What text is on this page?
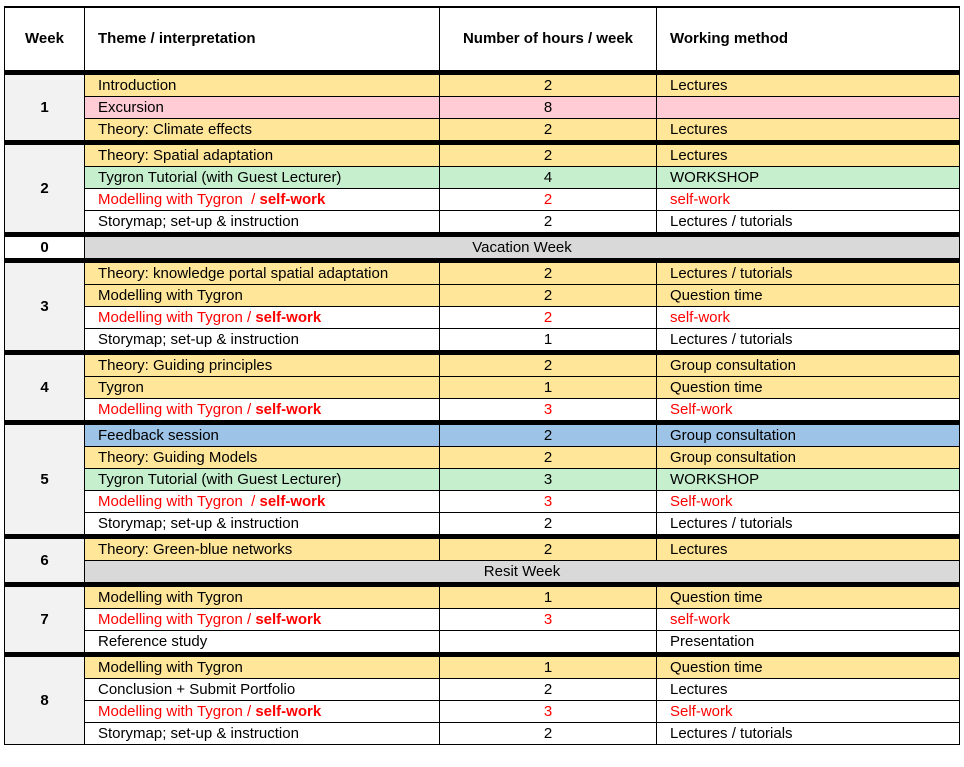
Week	Theme / interpretation	Number of hours / week	Working method
1	Introduction	2	Lectures
	Excursion	8	
	Theory: Climate effects	2	Lectures
2	Theory: Spatial adaptation	2	Lectures
	Tygron Tutorial (with Guest Lecturer)	4	WORKSHOP
	Modelling with Tygron  / self-work	2	self-work
	Storymap; set-up & instruction	2	Lectures / tutorials
0	Vacation Week		
3	Theory: knowledge portal spatial adaptation	2	Lectures / tutorials
	Modelling with Tygron	2	Question time
	Modelling with Tygron / self-work	2	self-work
	Storymap; set-up & instruction	1	Lectures / tutorials
4	Theory: Guiding principles	2	Group consultation
	Tygron	1	Question time
	Modelling with Tygron / self-work	3	Self-work
5	Feedback session	2	Group consultation
	Theory: Guiding Models	2	Group consultation
	Tygron Tutorial (with Guest Lecturer)	3	WORKSHOP
	Modelling with Tygron  / self-work	3	Self-work
	Storymap; set-up & instruction	2	Lectures / tutorials
6	Theory: Green-blue networks	2	Lectures
	Resit Week		
7	Modelling with Tygron	1	Question time
	Modelling with Tygron / self-work	3	self-work
	Reference study		Presentation
8	Modelling with Tygron	1	Question time
	Conclusion + Submit Portfolio	2	Lectures
	Modelling with Tygron / self-work	3	Self-work
	Storymap; set-up & instruction	2	Lectures / tutorials
